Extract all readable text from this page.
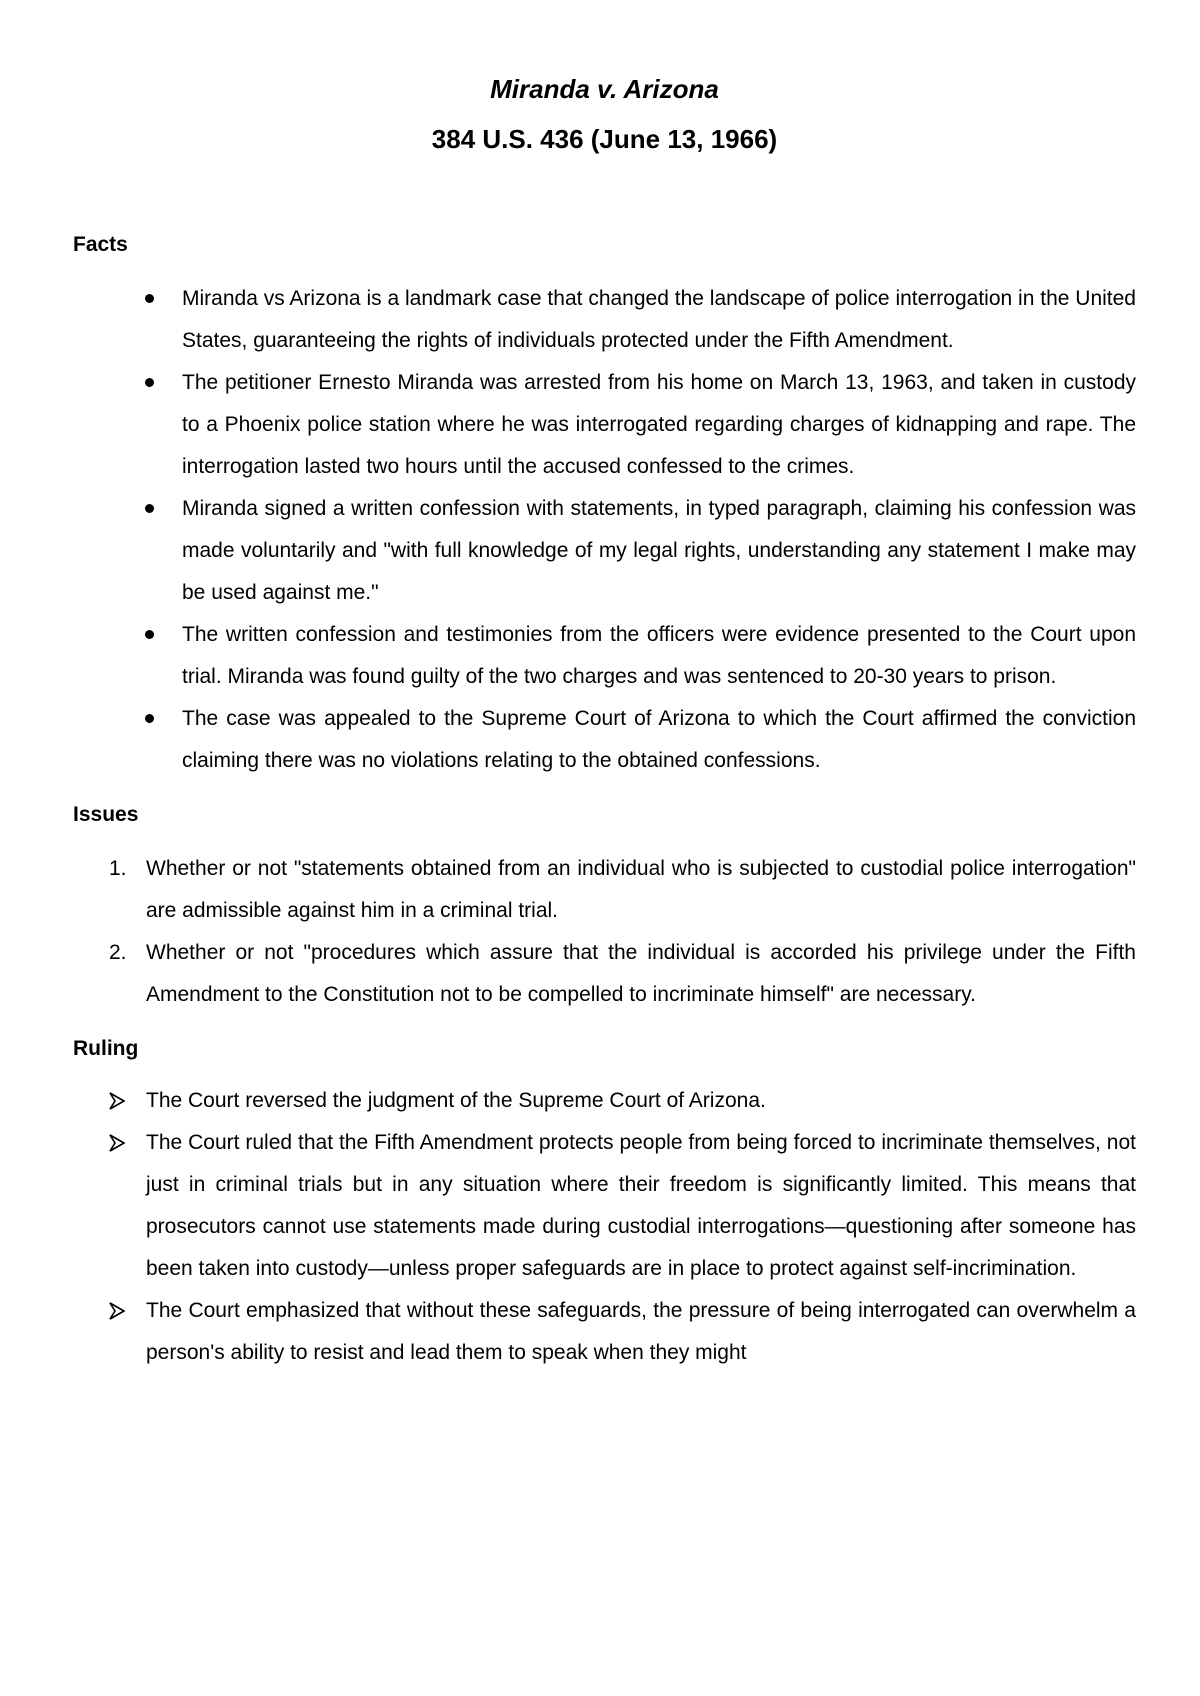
Miranda v. Arizona
384 U.S. 436 (June 13, 1966)
Facts
Miranda vs Arizona is a landmark case that changed the landscape of police interrogation in the United States, guaranteeing the rights of individuals protected under the Fifth Amendment.
The petitioner Ernesto Miranda was arrested from his home on March 13, 1963, and taken in custody to a Phoenix police station where he was interrogated regarding charges of kidnapping and rape. The interrogation lasted two hours until the accused confessed to the crimes.
Miranda signed a written confession with statements, in typed paragraph, claiming his confession was made voluntarily and "with full knowledge of my legal rights, understanding any statement I make may be used against me."
The written confession and testimonies from the officers were evidence presented to the Court upon trial. Miranda was found guilty of the two charges and was sentenced to 20-30 years to prison.
The case was appealed to the Supreme Court of Arizona to which the Court affirmed the conviction claiming there was no violations relating to the obtained confessions.
Issues
1. Whether or not "statements obtained from an individual who is subjected to custodial police interrogation" are admissible against him in a criminal trial.
2. Whether or not "procedures which assure that the individual is accorded his privilege under the Fifth Amendment to the Constitution not to be compelled to incriminate himself" are necessary.
Ruling
The Court reversed the judgment of the Supreme Court of Arizona.
The Court ruled that the Fifth Amendment protects people from being forced to incriminate themselves, not just in criminal trials but in any situation where their freedom is significantly limited. This means that prosecutors cannot use statements made during custodial interrogations—questioning after someone has been taken into custody—unless proper safeguards are in place to protect against self-incrimination.
The Court emphasized that without these safeguards, the pressure of being interrogated can overwhelm a person's ability to resist and lead them to speak when they might
